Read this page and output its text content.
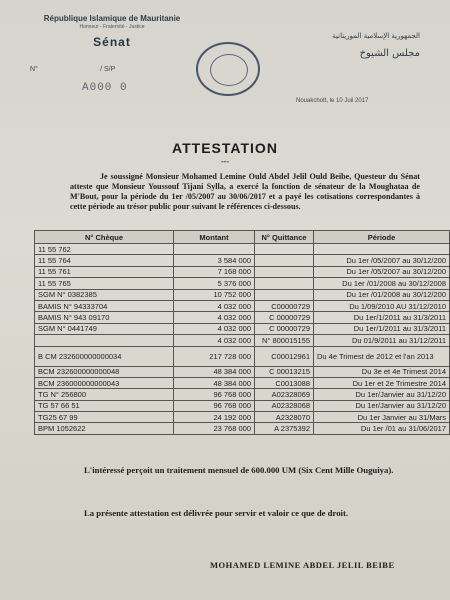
République Islamique de Mauritanie
Honneur - Fraternité - Justice
Sénat
N°	/ S/P
A000 0
الجمهورية الإسلامية الموريتانية
مجلس الشيوخ
Nouakchott, le 10 Juil 2017
ATTESTATION
---

Je soussigné Monsieur Mohamed Lemine Ould Abdel Jelil Ould Beibe, Questeur du Sénat atteste que Monsieur Youssouf Tijani Sylla, a exercé la fonction de sénateur de la Moughataa de M'Bout, pour la période du 1er /05/2007 au 30/06/2017 et a payé les cotisations correspondantes à cette période au trésor public pour suivant le références ci-dessous.

N° Chèque	Montant	N° Quittance	Période
11 55 762			
11 55 764	3 584 000		Du 1er /05/2007 au 30/12/200
11 55 761	7 168 000		Du 1er /05/2007 au 30/12/200
11 55 765	5 376 000		Du 1er /01/2008 au 30/12/2008
SGM N° 0382385	10 752 000		Du 1er /01/2008 au 30/12/200
BAMIS N° 94333704	4 032 000	C00000729	Du 1/09/2010 AU 31/12/2010
BAMIS N° 943 09170	4 032 000	C 00000729	Du 1er/1/2011 au 31/3/2011
SGM N° 0441749	4 032 000	C 00000729	Du 1er/1/2011 au 31/3/2011
	4 032 000	N° 800015155	Du 01/9/2011 au 31/12/2011
B CM 232600000000034	217 728 000	C00012961	Du 4e Trimest de 2012 et l'an 2013
BCM 232600000000048	48 384 000	C 00013215	Du 3e et 4e Trimest 2014
BCM 236000000000043	48 384 000	C0013088	Du 1er et 2e Trimestre 2014
TG N° 256800	96 768 000	A02328069	Du 1er/Janvier au 31/12/20
TG 57 66 51	96 768 000	A02328068	Du 1er/Janvier au 31/12/20
TG25 67 99	24 192 000	A2328070	Du 1er Janvier au 31/Mars
BPM 1052622	23 768 000	A 2375392	Du 1er /01 au 31/06/2017
L'intéressé perçoit un traitement mensuel de 600.000 UM (Six Cent Mille Ouguiya).
La présente attestation est délivrée pour servir et valoir ce que de droit.
MOHAMED LEMINE ABDEL JELIL BEIBE
